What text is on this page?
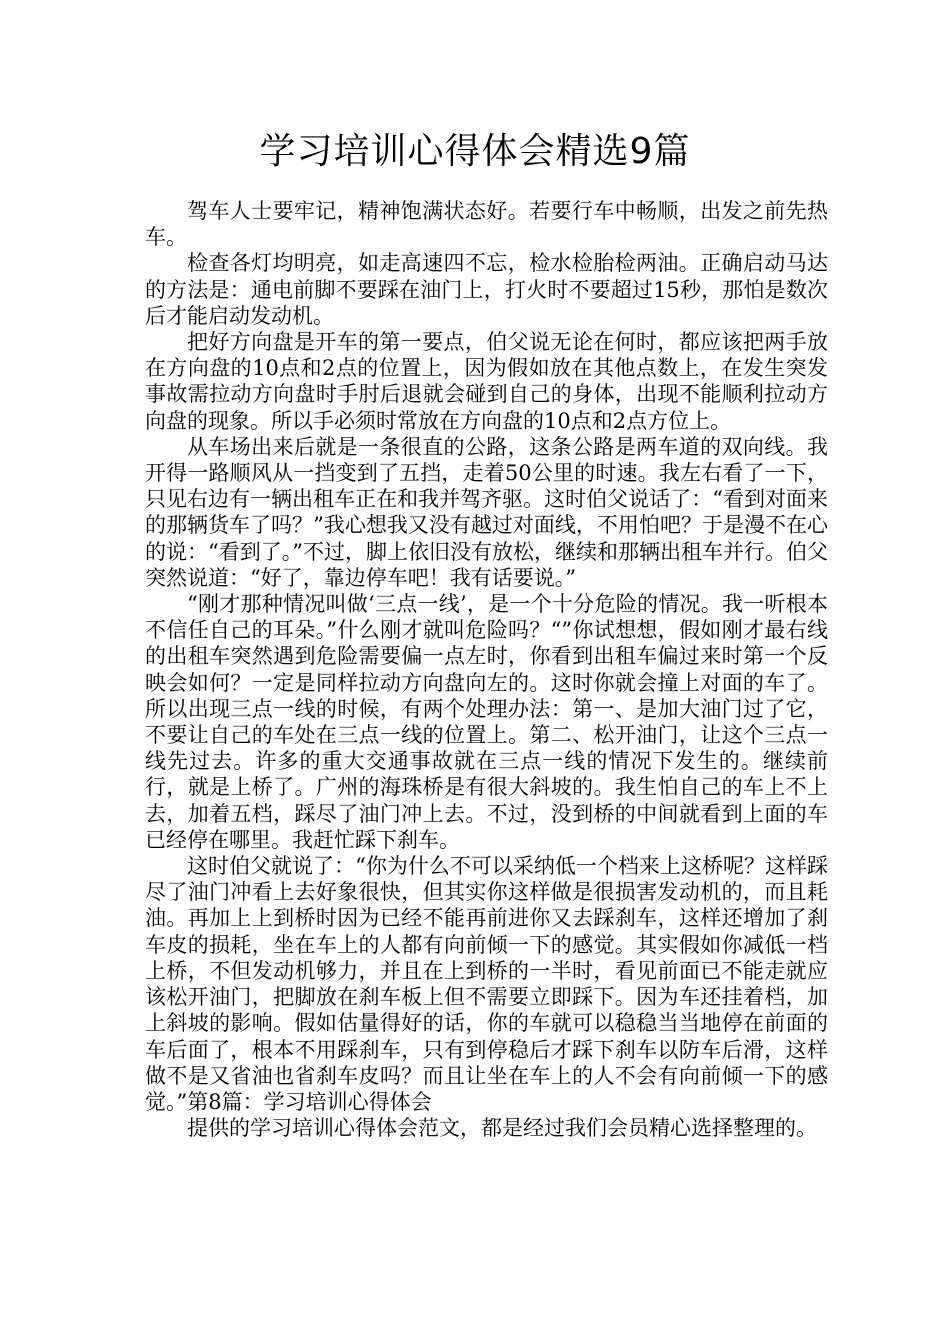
学习培训心得体会精选9篇

驾车人士要牢记，精神饱满状态好。若要行车中畅顺，出发之前先热车。

检查各灯均明亮，如走高速四不忘，检水检胎检两油。正确启动马达的方法是：通电前脚不要踩在油门上，打火时不要超过15秒，那怕是数次后才能启动发动机。

把好方向盘是开车的第一要点，伯父说无论在何时，都应该把两手放在方向盘的10点和2点的位置上，因为假如放在其他点数上，在发生突发事故需拉动方向盘时手肘后退就会碰到自己的身体，出现不能顺利拉动方向盘的现象。所以手必须时常放在方向盘的10点和2点方位上。

从车场出来后就是一条很直的公路，这条公路是两车道的双向线。我开得一路顺风从一挡变到了五挡，走着50公里的时速。我左右看了一下，只见右边有一辆出租车正在和我并驾齐驱。这时伯父说话了：“看到对面来的那辆货车了吗？”我心想我又没有越过对面线，不用怕吧？于是漫不在心的说：“看到了。”不过，脚上依旧没有放松，继续和那辆出租车并行。伯父突然说道：“好了，靠边停车吧！我有话要说。”

“刚才那种情况叫做‘三点一线’，是一个十分危险的情况。我一听根本不信任自己的耳朵。”什么刚才就叫危险吗？“”你试想想，假如刚才最右线的出租车突然遇到危险需要偏一点左时，你看到出租车偏过来时第一个反映会如何？一定是同样拉动方向盘向左的。这时你就会撞上对面的车了。所以出现三点一线的时候，有两个处理办法：第一、是加大油门过了它，不要让自己的车处在三点一线的位置上。第二、松开油门，让这个三点一线先过去。许多的重大交通事故就在三点一线的情况下发生的。继续前行，就是上桥了。广州的海珠桥是有很大斜坡的。我生怕自己的车上不上去，加着五档，踩尽了油门冲上去。不过，没到桥的中间就看到上面的车已经停在哪里。我赶忙踩下刹车。

这时伯父就说了：“你为什么不可以采纳低一个档来上这桥呢？这样踩尽了油门冲看上去好象很快，但其实你这样做是很损害发动机的，而且耗油。再加上上到桥时因为已经不能再前进你又去踩刹车，这样还增加了刹车皮的损耗，坐在车上的人都有向前倾一下的感觉。其实假如你减低一档上桥，不但发动机够力，并且在上到桥的一半时，看见前面已不能走就应该松开油门，把脚放在刹车板上但不需要立即踩下。因为车还挂着档，加上斜坡的影响。假如估量得好的话，你的车就可以稳稳当当地停在前面的车后面了，根本不用踩刹车，只有到停稳后才踩下刹车以防车后滑，这样做不是又省油也省刹车皮吗？而且让坐在车上的人不会有向前倾一下的感觉。”第8篇：学习培训心得体会

提供的学习培训心得体会范文，都是经过我们会员精心选择整理的。
